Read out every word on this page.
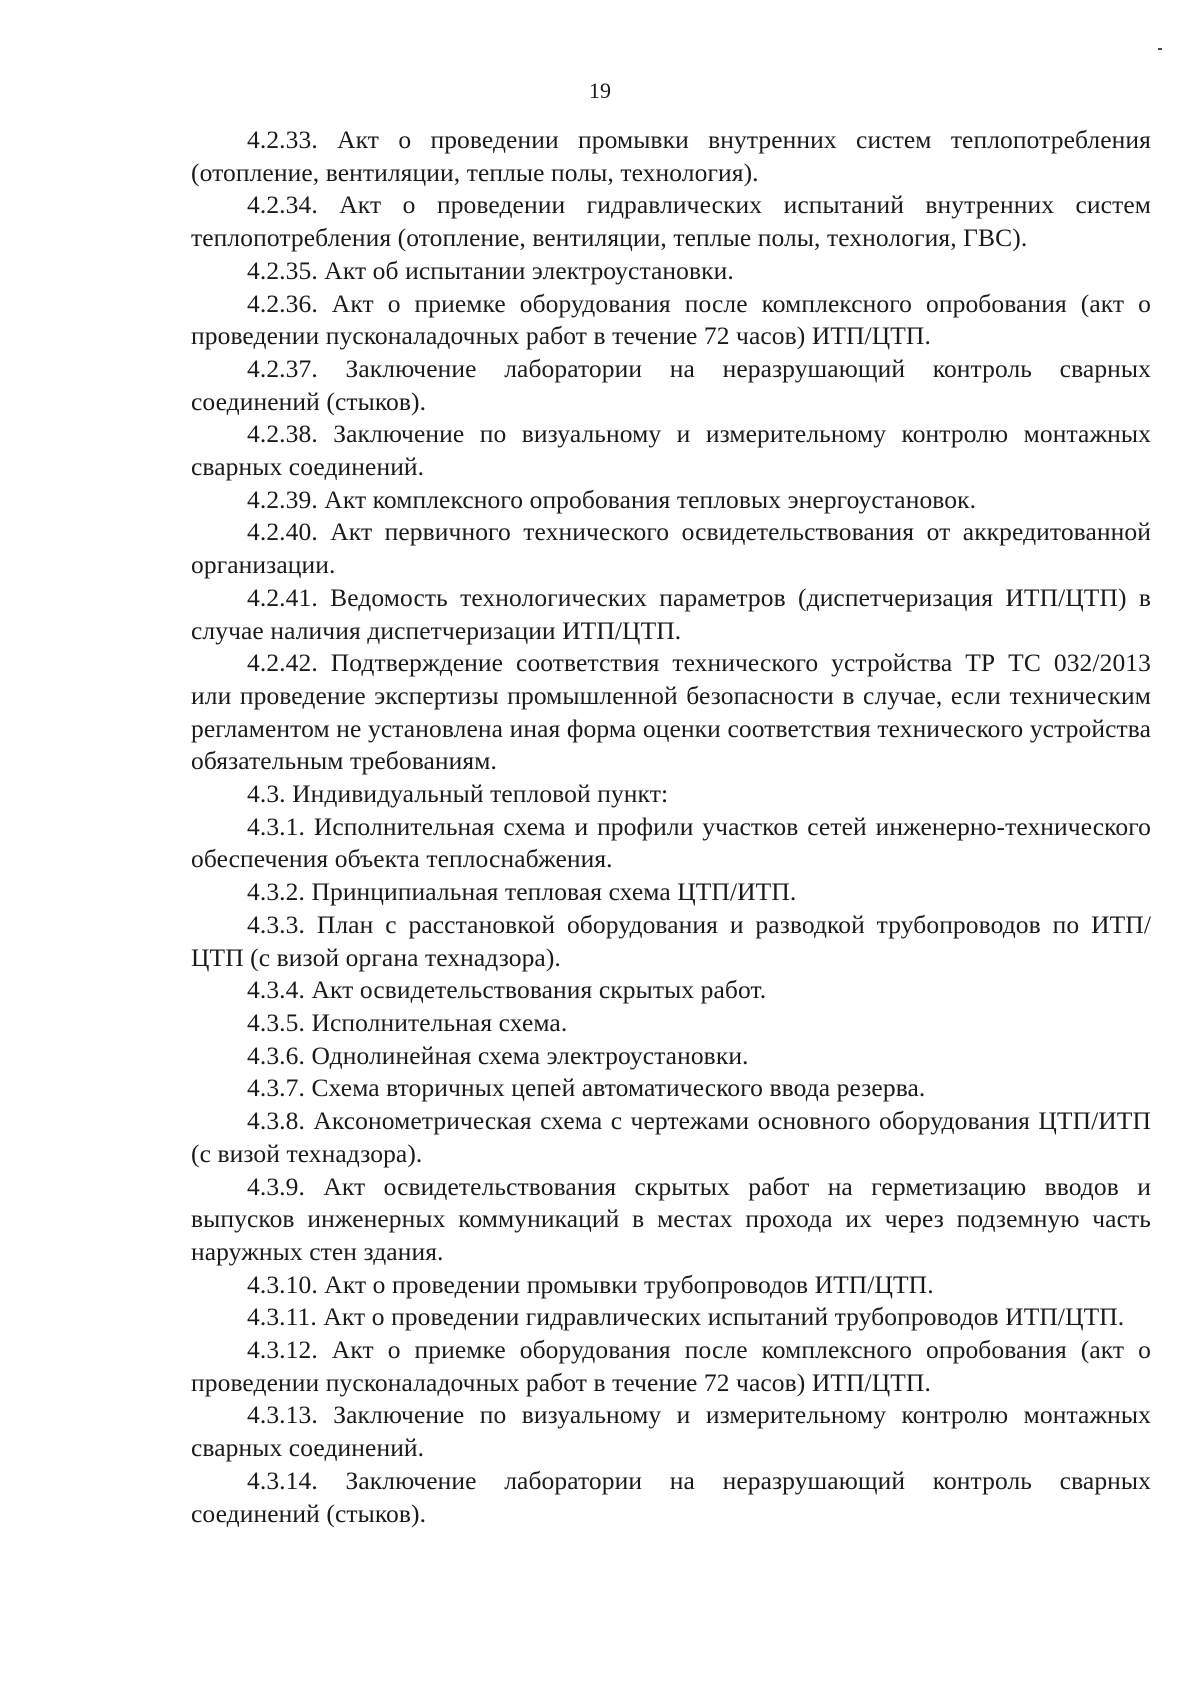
19

4.2.33. Акт о проведении промывки внутренних систем теплопотребления (отопление, вентиляции, теплые полы, технология).

4.2.34. Акт о проведении гидравлических испытаний внутренних систем теплопотребления (отопление, вентиляции, теплые полы, технология, ГВС).

4.2.35. Акт об испытании электроустановки.

4.2.36. Акт о приемке оборудования после комплексного опробования (акт о проведении пусконаладочных работ в течение 72 часов) ИТП/ЦТП.

4.2.37. Заключение лаборатории на неразрушающий контроль сварных соединений (стыков).

4.2.38. Заключение по визуальному и измерительному контролю монтажных сварных соединений.

4.2.39. Акт комплексного опробования тепловых энергоустановок.

4.2.40. Акт первичного технического освидетельствования от аккредитованной организации.

4.2.41. Ведомость технологических параметров (диспетчеризация ИТП/ЦТП) в случае наличия диспетчеризации ИТП/ЦТП.

4.2.42. Подтверждение соответствия технического устройства ТР ТС 032/2013 или проведение экспертизы промышленной безопасности в случае, если техническим регламентом не установлена иная форма оценки соответствия технического устройства обязательным требованиям.

4.3. Индивидуальный тепловой пункт:

4.3.1. Исполнительная схема и профили участков сетей инженерно-технического обеспечения объекта теплоснабжения.

4.3.2. Принципиальная тепловая схема ЦТП/ИТП.

4.3.3. План с расстановкой оборудования и разводкой трубопроводов по ИТП/ЦТП (с визой органа технадзора).

4.3.4. Акт освидетельствования скрытых работ.

4.3.5. Исполнительная схема.

4.3.6. Однолинейная схема электроустановки.

4.3.7. Схема вторичных цепей автоматического ввода резерва.

4.3.8. Аксонометрическая схема с чертежами основного оборудования ЦТП/ИТП (с визой технадзора).

4.3.9. Акт освидетельствования скрытых работ на герметизацию вводов и выпусков инженерных коммуникаций в местах прохода их через подземную часть наружных стен здания.

4.3.10. Акт о проведении промывки трубопроводов ИТП/ЦТП.

4.3.11. Акт о проведении гидравлических испытаний трубопроводов ИТП/ЦТП.

4.3.12. Акт о приемке оборудования после комплексного опробования (акт о проведении пусконаладочных работ в течение 72 часов) ИТП/ЦТП.

4.3.13. Заключение по визуальному и измерительному контролю монтажных сварных соединений.

4.3.14. Заключение лаборатории на неразрушающий контроль сварных соединений (стыков).
